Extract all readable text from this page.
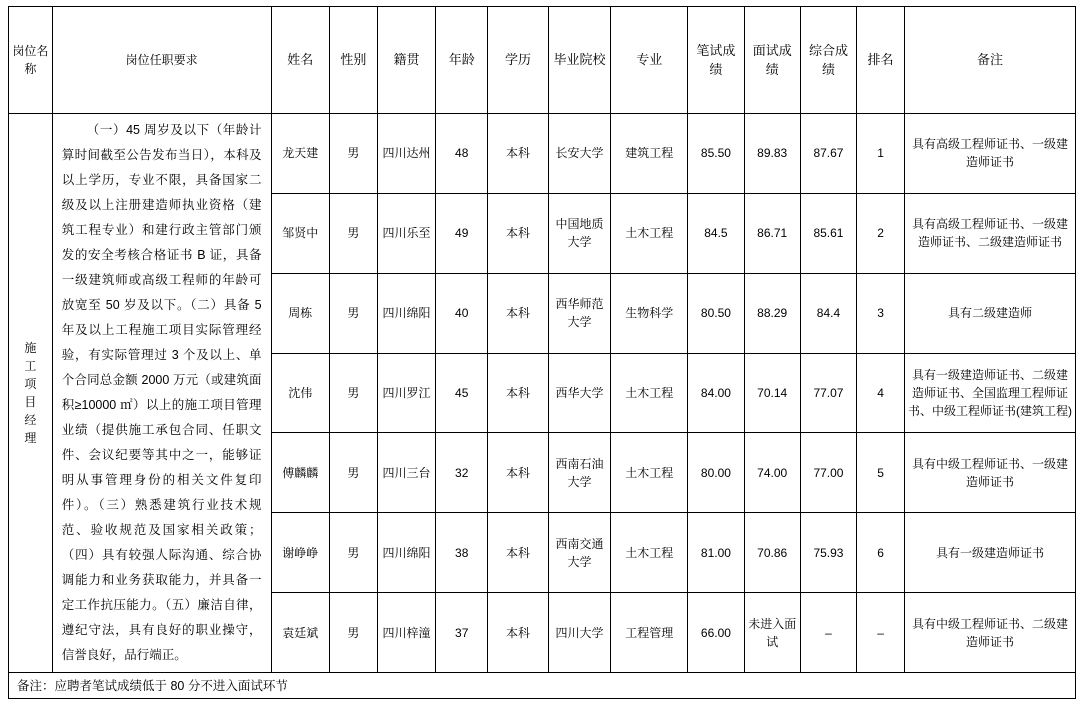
岗位名称	岗位任职要求	姓名	性别	籍贯	年龄	学历	毕业院校	专业	笔试成绩	面试成绩	综合成绩	排名	备注

施工项目经理	（一）45 周岁及以下（年龄计算时间截至公告发布当日），本科及以上学历，专业不限，具备国家二级及以上注册建造师执业资格（建筑工程专业）和建行政主管部门颁发的安全考核合格证书 B 证，具备一级建筑师或高级工程师的年龄可放宽至 50 岁及以下。（二）具备 5 年及以上工程施工项目实际管理经验，有实际管理过 3 个及以上、单个合同总金额 2000 万元（或建筑面积≥10000 ㎡）以上的施工项目管理业绩（提供施工承包合同、任职文件、会议纪要等其中之一，能够证明从事管理身份的相关文件复印件）。（三）熟悉建筑行业技术规范、验收规范及国家相关政策；（四）具有较强人际沟通、综合协调能力和业务获取能力，并具备一定工作抗压能力。（五）廉洁自律，遵纪守法，具有良好的职业操守，信誉良好，品行端正。	龙天建	男	四川达州	48	本科	长安大学	建筑工程	85.50	89.83	87.67	1	具有高级工程师证书、一级建造师证书
		邹贤中	男	四川乐至	49	本科	中国地质大学	土木工程	84.5	86.71	85.61	2	具有高级工程师证书、一级建造师证书、二级建造师证书
		周栋	男	四川绵阳	40	本科	西华师范大学	生物科学	80.50	88.29	84.4	3	具有二级建造师
		沈伟	男	四川罗江	45	本科	西华大学	土木工程	84.00	70.14	77.07	4	具有一级建造师证书、二级建造师证书、全国监理工程师证书、中级工程师证书(建筑工程)
		傅麟麟	男	四川三台	32	本科	西南石油大学	土木工程	80.00	74.00	77.00	5	具有中级工程师证书、一级建造师证书
		谢峥峥	男	四川绵阳	38	本科	西南交通大学	土木工程	81.00	70.86	75.93	6	具有一级建造师证书
		袁廷斌	男	四川梓潼	37	本科	四川大学	工程管理	66.00	未进入面试	–	–	具有中级工程师证书、二级建造师证书
备注：应聘者笔试成绩低于 80 分不进入面试环节
